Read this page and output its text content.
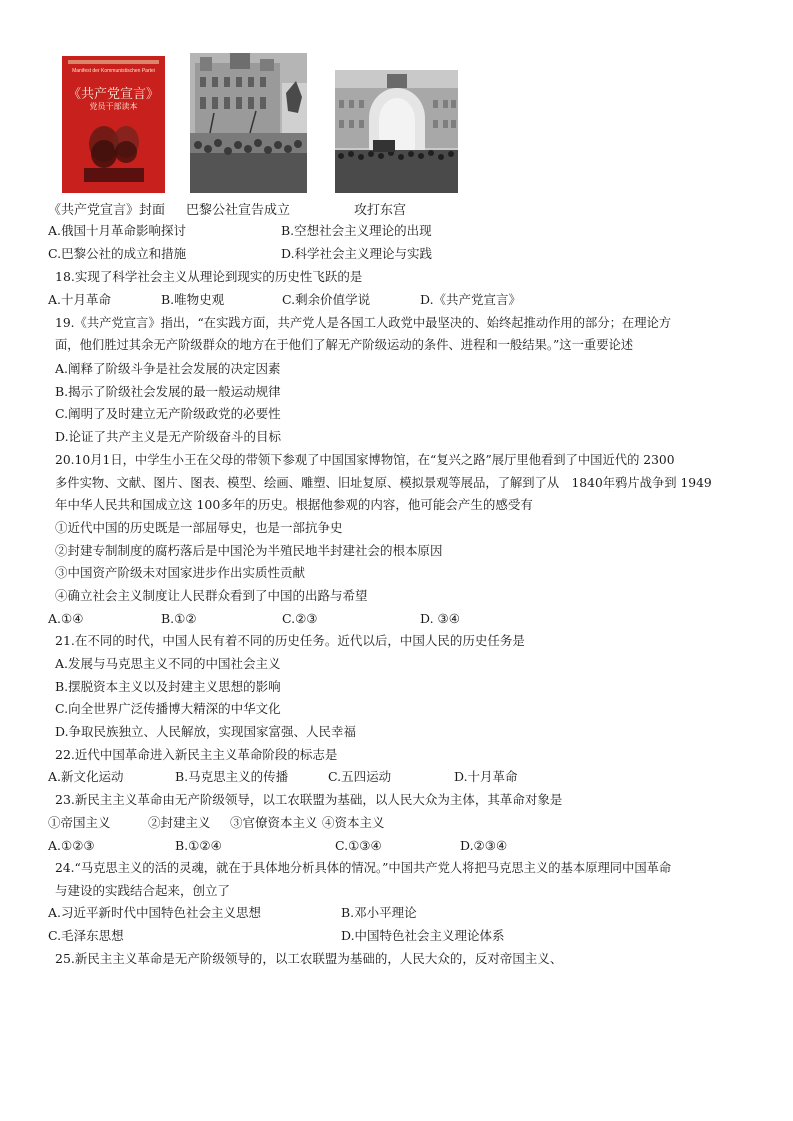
Manifest der Kommunistischen Partei
《共产党宣言》
党员干部读本
《共产党宣言》封面 巴黎公社宣告成立	攻打东宫
A.俄国十月革命影响探讨	B.空想社会主义理论的出现
C.巴黎公社的成立和措施	D.科学社会主义理论与实践
18.实现了科学社会主义从理论到现实的历史性飞跃的是
A.十月革命	B.唯物史观	C.剩余价值学说	D.《共产党宣言》
19.《共产党宣言》指出，“在实践方面，共产党人是各国工人政党中最坚决的、始终起推动作用的部分；在理论方
面，他们胜过其余无产阶级群众的地方在于他们了解无产阶级运动的条件、进程和一般结果。”这一重要论述
A.阐释了阶级斗争是社会发展的决定因素
B.揭示了阶级社会发展的最一般运动规律
C.阐明了及时建立无产阶级政党的必要性
D.论证了共产主义是无产阶级奋斗的目标
20.10月1日，中学生小王在父母的带领下参观了中国国家博物馆，在“复兴之路”展厅里他看到了中国近代的 2300
多件实物、文献、图片、图表、模型、绘画、雕塑、旧址复原、模拟景观等展品，了解到了从　1840年鸦片战争到 1949
年中华人民共和国成立这 100多年的历史。根据他参观的内容，他可能会产生的感受有
①近代中国的历史既是一部屈辱史，也是一部抗争史
②封建专制制度的腐朽落后是中国沦为半殖民地半封建社会的根本原因
③中国资产阶级未对国家进步作出实质性贡献
④确立社会主义制度让人民群众看到了中国的出路与希望
A.①④	B.①②	C.②③	D. ③④
21.在不同的时代，中国人民有着不同的历史任务。近代以后，中国人民的历史任务是
A.发展与马克思主义不同的中国社会主义
B.摆脱资本主义以及封建主义思想的影响
C.向全世界广泛传播博大精深的中华文化
D.争取民族独立、人民解放，实现国家富强、人民幸福
22.近代中国革命进入新民主主义革命阶段的标志是
A.新文化运动	B.马克思主义的传播	C.五四运动	D.十月革命
23.新民主主义革命由无产阶级领导，以工农联盟为基础，以人民大众为主体，其革命对象是
①帝国主义	②封建主义 ③官僚资本主义 ④资本主义
A.①②③	B.①②④	C.①③④	D.②③④
24.“马克思主义的活的灵魂，就在于具体地分析具体的情况。”中国共产党人将把马克思主义的基本原理同中国革命
与建设的实践结合起来，创立了
A.习近平新时代中国特色社会主义思想	B.邓小平理论
C.毛泽东思想	D.中国特色社会主义理论体系
25.新民主主义革命是无产阶级领导的，以工农联盟为基础的，人民大众的，反对帝国主义、
